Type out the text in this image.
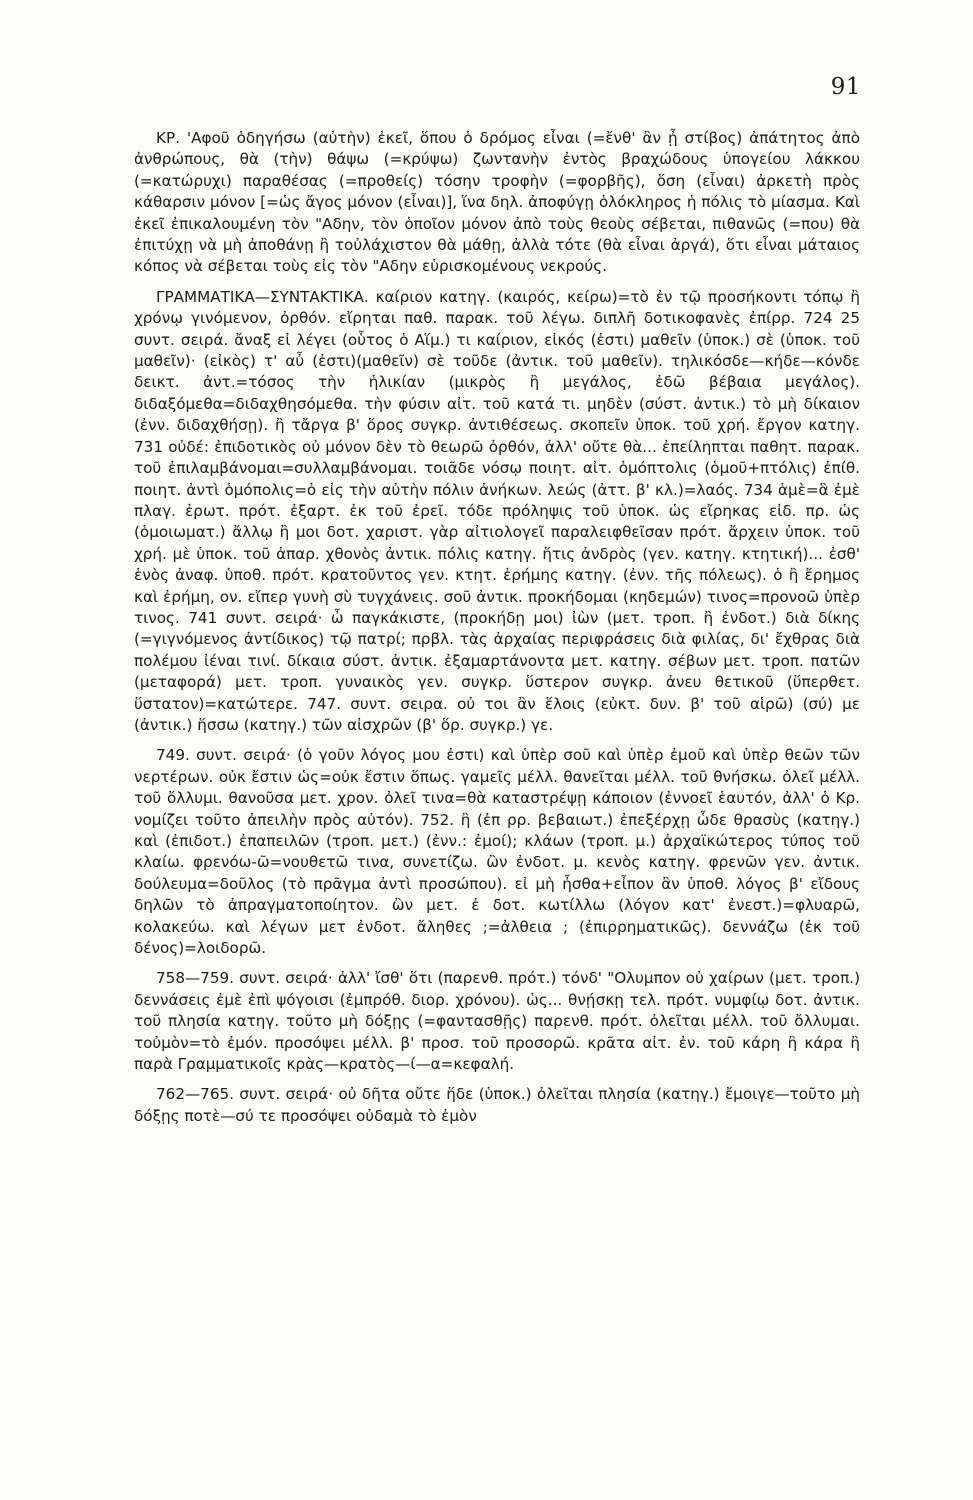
91

ΚΡ. 'Αφοῦ ὁδηγήσω (αὐτὴν) ἐκεῖ, ὅπου ὁ δρόμος εἶναι (=ἔνθ' ἂν ᾖ στίβος) ἀπάτητος ἀπὸ ἀνθρώπους, θὰ (τὴν) θάψω (=κρύψω) ζωντανὴν ἐντὸς βραχώδους ὑπογείου λάκκου (=κατώρυχι) παραθέσας (=προθείς) τόσην τροφὴν (=φορβῆς), ὅση (εἶναι) ἀρκετὴ πρὸς κάθαρσιν μόνον [=ὡς ἄγος μόνον (εἶναι)], ἵνα δηλ. ἀποφύγῃ ὁλόκληρος ἡ πόλις τὸ μίασμα. Καὶ ἐκεῖ ἐπικαλουμένη τὸν "Αδην, τὸν ὁποῖον μόνον ἀπὸ τοὺς θεοὺς σέβεται, πιθανῶς (=που) θὰ ἐπιτύχῃ νὰ μὴ ἀποθάνῃ ἢ τοὐλάχιστον θὰ μάθῃ, ἀλλὰ τότε (θὰ εἶναι ἀργά), ὅτι εἶναι μάταιος κόπος νὰ σέβεται τοὺς εἰς τὸν "Αδην εὑρισκομένους νεκρούς.

ΓΡΑΜΜΑΤΙΚΑ—ΣΥΝΤΑΚΤΙΚΑ. καίριον κατηγ. (καιρός, κείρω)=τὸ ἐν τῷ προσήκοντι τόπῳ ἢ χρόνῳ γινόμενον, ὀρθόν. εἴρηται παθ. παρακ. τοῦ λέγω. διπλῆ δοτικοφανὲς ἐπίρρ. 724 25 συντ. σειρά. ἄναξ εἰ λέγει (οὗτος ὁ Αἵμ.) τι καίριον, εἰκός (ἐστι) μαθεῖν (ὑποκ.) σὲ (ὑποκ. τοῦ μαθεῖν)· (εἰκὸς) τ' αὖ (ἐστι)(μαθεῖν) σὲ τοῦδε (ἀντικ. τοῦ μαθεῖν). τηλικόσδε—κήδε—κόνδε δεικτ. ἀντ.=τόσος τὴν ἡλικίαν (μικρὸς ἢ μεγάλος, ἐδῶ βέβαια μεγάλος). διδαξόμεθα=διδαχθησόμεθα. τὴν φύσιν αἰτ. τοῦ κατά τι. μηδὲν (σύστ. ἀντικ.) τὸ μὴ δίκαιον (ἐνν. διδαχθήσῃ). ἢ τἄργα β' ὅρος συγκρ. ἀντιθέσεως. σκοπεῖν ὑποκ. τοῦ χρή. ἔργον κατηγ. 731 οὐδέ: ἐπιδοτικὸς οὐ μόνον δὲν τὸ θεωρῶ ὀρθόν, ἀλλ' οὔτε θὰ... ἐπείληπται παθητ. παρακ. τοῦ ἐπιλαμβάνομαι=συλλαμβάνομαι. τοιᾶδε νόσῳ ποιητ. αἰτ. ὁμόπτολις (ὁμοῦ+πτόλις) ἐπίθ. ποιητ. ἀντὶ ὁμόπολις=ὁ εἰς τὴν αὐτὴν πόλιν ἀνήκων. λεώς (ἀττ. β' κλ.)=λαός. 734 ἁμὲ=ἃ ἐμὲ πλαγ. ἐρωτ. πρότ. ἐξαρτ. ἐκ τοῦ ἐρεῖ. τόδε πρόληψις τοῦ ὑποκ. ὡς εἴρηκας εἰδ. πρ. ὡς (ὁμοιωματ.) ἄλλῳ ἢ μοι δοτ. χαριστ. γὰρ αἰτιολογεῖ παραλειφθεῖσαν πρότ. ἄρχειν ὑποκ. τοῦ χρή. μὲ ὑποκ. τοῦ ἀπαρ. χθονὸς ἀντικ. πόλις κατηγ. ἥτις ἀνδρὸς (γεν. κατηγ. κτητική)... ἐσθ' ἑνὸς ἀναφ. ὑποθ. πρότ. κρατοῦντος γεν. κτητ. ἐρήμης κατηγ. (ἐνν. τῆς πόλεως). ὁ ἢ ἔρημος καὶ ἐρήμη, ον. εἴπερ γυνὴ σὺ τυγχάνεις. σοῦ ἀντικ. προκήδομαι (κηδεμών) τινος=προνοῶ ὑπὲρ τινος. 741 συντ. σειρά· ὦ παγκάκιστε, (προκήδῃ μοι) ἰὼν (μετ. τροπ. ἢ ἐνδοτ.) διὰ δίκης (=γιγνόμενος ἀντίδικος) τῷ πατρί; πρβλ. τὰς ἀρχαίας περιφράσεις διὰ φιλίας, δι' ἔχθρας διὰ πολέμου ἰέναι τινί. δίκαια σύστ. ἀντικ. ἐξαμαρτάνοντα μετ. κατηγ. σέβων μετ. τροπ. πατῶν (μεταφορά) μετ. τροπ. γυναικὸς γεν. συγκρ. ὕστερον συγκρ. ἀνευ θετικοῦ (ὕπερθετ. ὕστατον)=κατώτερε. 747. συντ. σειρα. οὐ τοι ἂν ἕλοις (εὐκτ. δυν. β' τοῦ αἱρῶ) (σύ) με (ἀντικ.) ἥσσω (κατηγ.) τῶν αἰσχρῶν (β' ὅρ. συγκρ.) γε.

749. συντ. σειρά· (ὁ γοῦν λόγος μου ἐστι) καὶ ὑπὲρ σοῦ καὶ ὑπὲρ ἐμοῦ καὶ ὑπὲρ θεῶν τῶν νερτέρων. οὐκ ἔστιν ὡς=οὐκ ἔστιν ὅπως. γαμεῖς μέλλ. θανεῖται μέλλ. τοῦ θνήσκω. ὀλεῖ μέλλ. τοῦ ὄλλυμι. θανοῦσα μετ. χρον. ὀλεῖ τινα=θὰ καταστρέψῃ κάποιον (ἐννοεῖ ἑαυτόν, ἀλλ' ὁ Κρ. νομίζει τοῦτο ἀπειλὴν πρὸς αὐτόν). 752. ἢ (ἐπ ρρ. βεβαιωτ.) ἐπεξέρχῃ ὧδε θρασὺς (κατηγ.) καὶ (ἐπιδοτ.) ἐπαπειλῶν (τροπ. μετ.) (ἐνν.: ἐμοί); κλάων (τροπ. μ.) ἀρχαϊκώτερος τύπος τοῦ κλαίω. φρενόω-ῶ=νουθετῶ τινα, συνετίζω. ὢν ἐνδοτ. μ. κενὸς κατηγ. φρενῶν γεν. ἀντικ. δούλευμα=δοῦλος (τὸ πρᾶγμα ἀντὶ προσώπου). εἰ μὴ ἦσθα+εἶπον ἂν ὑποθ. λόγος β' εἴδους δηλῶν τὸ ἀπραγματοποίητον. ὢν μετ. ἐ δοτ. κωτίλλω (λόγον κατ' ἐνεστ.)=φλυαρῶ, κολακεύω. καὶ λέγων μετ ἐνδοτ. ἄληθες ;=ἀλθεια ; (ἐπιρρηματικῶς). δεννάζω (ἐκ τοῦ δένος)=λοιδορῶ.

758—759. συντ. σειρά· ἀλλ' ἴσθ' ὅτι (παρενθ. πρότ.) τόνδ' "Ολυμπον οὐ χαίρων (μετ. τροπ.) δεννάσεις ἐμὲ ἐπὶ ψόγοισι (ἐμπρόθ. διορ. χρόνου). ὡς... θνῄσκῃ τελ. πρότ. νυμφίῳ δοτ. ἀντικ. τοῦ πλησία κατηγ. τοῦτο μὴ δόξῃς (=φαντασθῇς) παρενθ. πρότ. ὀλεῖται μέλλ. τοῦ ὄλλυμαι. τοὐμὸν=τὸ ἐμόν. προσόψει μέλλ. β' προσ. τοῦ προσορῶ. κρᾶτα αἰτ. ἐν. τοῦ κάρη ἢ κάρα ἢ παρὰ Γραμματικοῖς κρὰς—κρατὸς—ί—α=κεφαλή.

762—765. συντ. σειρά· οὐ δῆτα οὔτε ἥδε (ὑποκ.) ὀλεῖται πλησία (κατηγ.) ἔμοιγε—τοῦτο μὴ δόξῃς ποτὲ—σύ τε προσόψει οὐδαμὰ τὸ ἐμὸν
